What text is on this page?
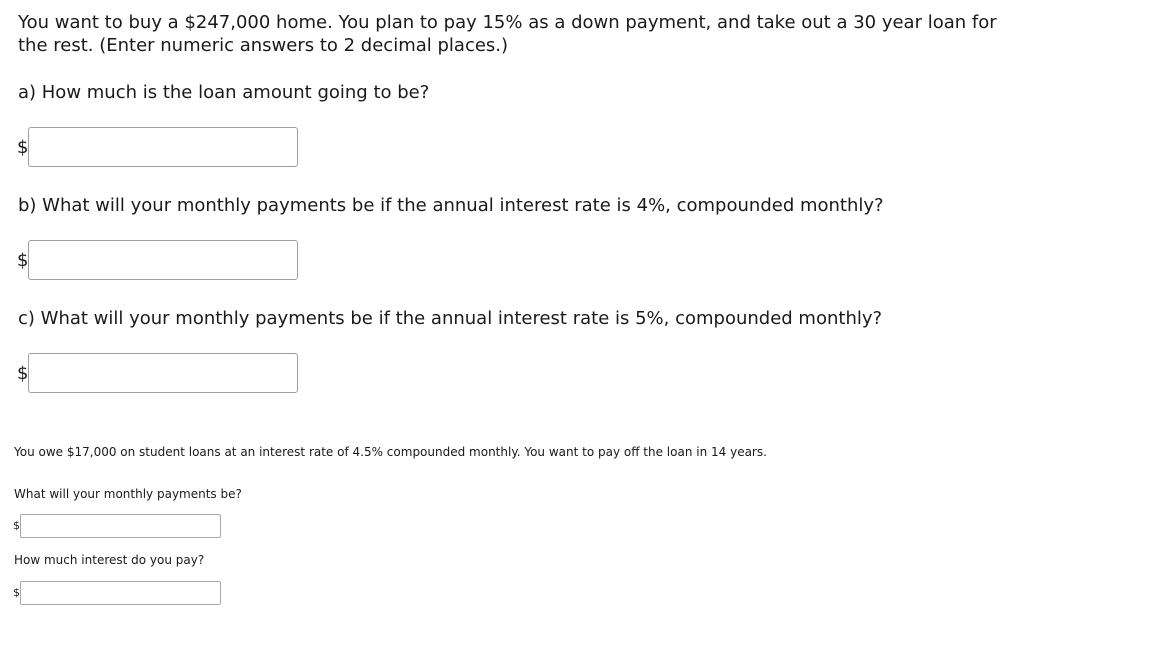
You want to buy a $247,000 home. You plan to pay 15% as a down payment, and take out a 30 year loan for the rest. (Enter numeric answers to 2 decimal places.)
a) How much is the loan amount going to be?
$
b) What will your monthly payments be if the annual interest rate is 4%, compounded monthly?
$
c) What will your monthly payments be if the annual interest rate is 5%, compounded monthly?
$
You owe $17,000 on student loans at an interest rate of 4.5% compounded monthly. You want to pay off the loan in 14 years.
What will your monthly payments be?
$
How much interest do you pay?
$
